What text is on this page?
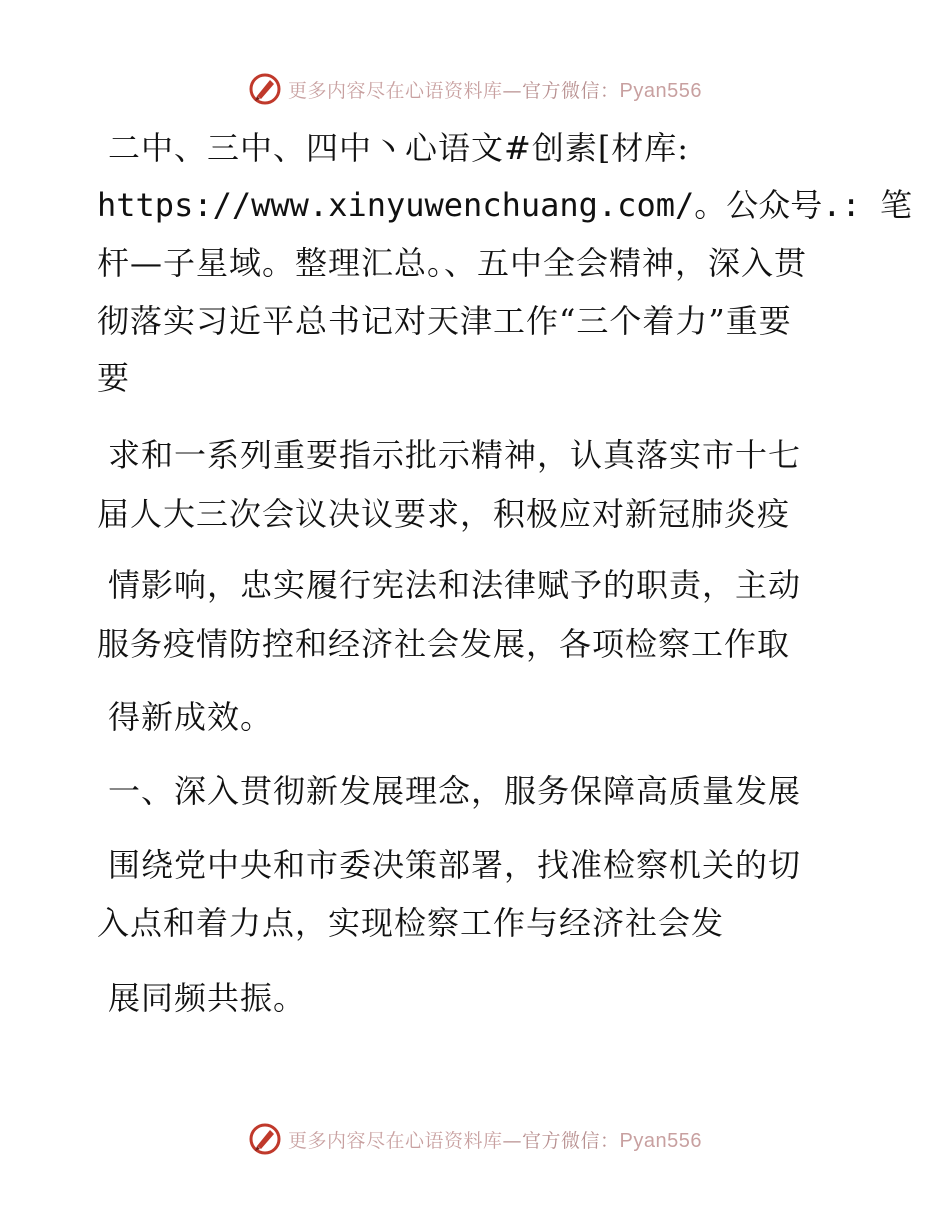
更多内容尽在心语资料库—官方微信：Pyan556
二中、三中、四中丶心语文#创素[材库:
https://www.xinyuwenchuang.com/。公众号.: 笔
杆—子星域。整理汇总。、五中全会精神，深入贯
彻落实习近平总书记对天津工作“三个着力”重要
要
求和一系列重要指示批示精神，认真落实市十七
届人大三次会议决议要求，积极应对新冠肺炎疫
情影响，忠实履行宪法和法律赋予的职责，主动
服务疫情防控和经济社会发展，各项检察工作取
得新成效。
一、深入贯彻新发展理念，服务保障高质量发展
围绕党中央和市委决策部署，找准检察机关的切
入点和着力点，实现检察工作与经济社会发
展同频共振。
更多内容尽在心语资料库—官方微信：Pyan556
